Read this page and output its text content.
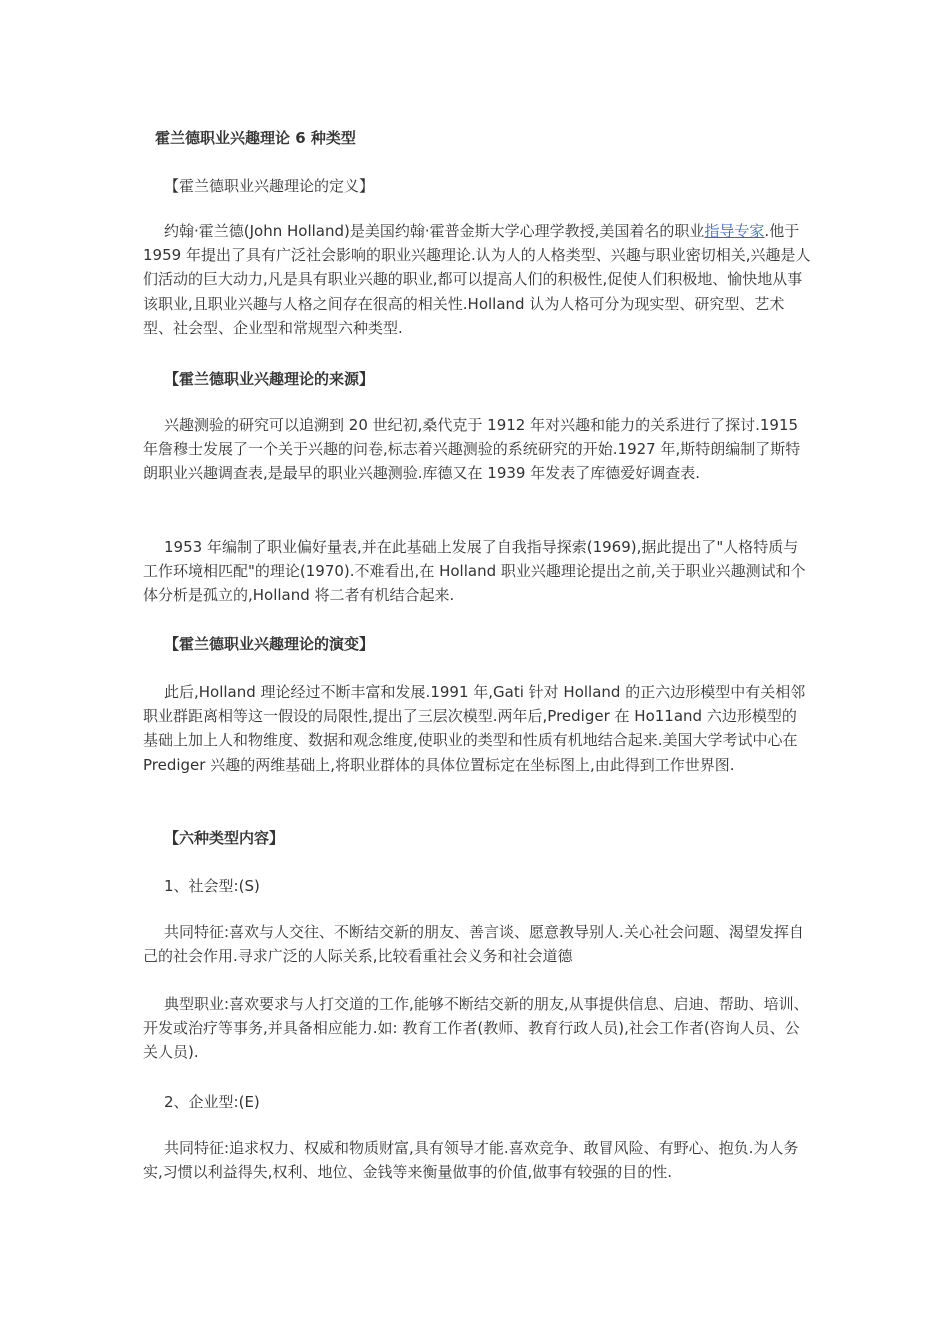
霍兰德职业兴趣理论 6 种类型
【霍兰德职业兴趣理论的定义】

约翰·霍兰德(John Holland)是美国约翰·霍普金斯大学心理学教授,美国着名的职业指导专家.他于 1959 年提出了具有广泛社会影响的职业兴趣理论.认为人的人格类型、兴趣与职业密切相关,兴趣是人们活动的巨大动力,凡是具有职业兴趣的职业,都可以提高人们的积极性,促使人们积极地、愉快地从事该职业,且职业兴趣与人格之间存在很高的相关性.Holland 认为人格可分为现实型、研究型、艺术型、社会型、企业型和常规型六种类型.

【霍兰德职业兴趣理论的来源】

兴趣测验的研究可以追溯到 20 世纪初,桑代克于 1912 年对兴趣和能力的关系进行了探讨.1915 年詹穆士发展了一个关于兴趣的问卷,标志着兴趣测验的系统研究的开始.1927 年,斯特朗编制了斯特朗职业兴趣调查表,是最早的职业兴趣测验.库德又在 1939 年发表了库德爱好调查表.

1953 年编制了职业偏好量表,并在此基础上发展了自我指导探索(1969),据此提出了"人格特质与工作环境相匹配"的理论(1970).不难看出,在 Holland 职业兴趣理论提出之前,关于职业兴趣测试和个体分析是孤立的,Holland 将二者有机结合起来.

【霍兰德职业兴趣理论的演变】

此后,Holland 理论经过不断丰富和发展.1991 年,Gati 针对 Holland 的正六边形模型中有关相邻职业群距离相等这一假设的局限性,提出了三层次模型.两年后,Prediger 在 Ho11and 六边形模型的基础上加上人和物维度、数据和观念维度,使职业的类型和性质有机地结合起来.美国大学考试中心在 Prediger 兴趣的两维基础上,将职业群体的具体位置标定在坐标图上,由此得到工作世界图.

【六种类型内容】
1、社会型:(S)

共同特征:喜欢与人交往、不断结交新的朋友、善言谈、愿意教导别人.关心社会问题、渴望发挥自己的社会作用.寻求广泛的人际关系,比较看重社会义务和社会道德

典型职业:喜欢要求与人打交道的工作,能够不断结交新的朋友,从事提供信息、启迪、帮助、培训、开发或治疗等事务,并具备相应能力.如: 教育工作者(教师、教育行政人员),社会工作者(咨询人员、公关人员).

2、企业型:(E)

共同特征:追求权力、权威和物质财富,具有领导才能.喜欢竞争、敢冒风险、有野心、抱负.为人务实,习惯以利益得失,权利、地位、金钱等来衡量做事的价值,做事有较强的目的性.
